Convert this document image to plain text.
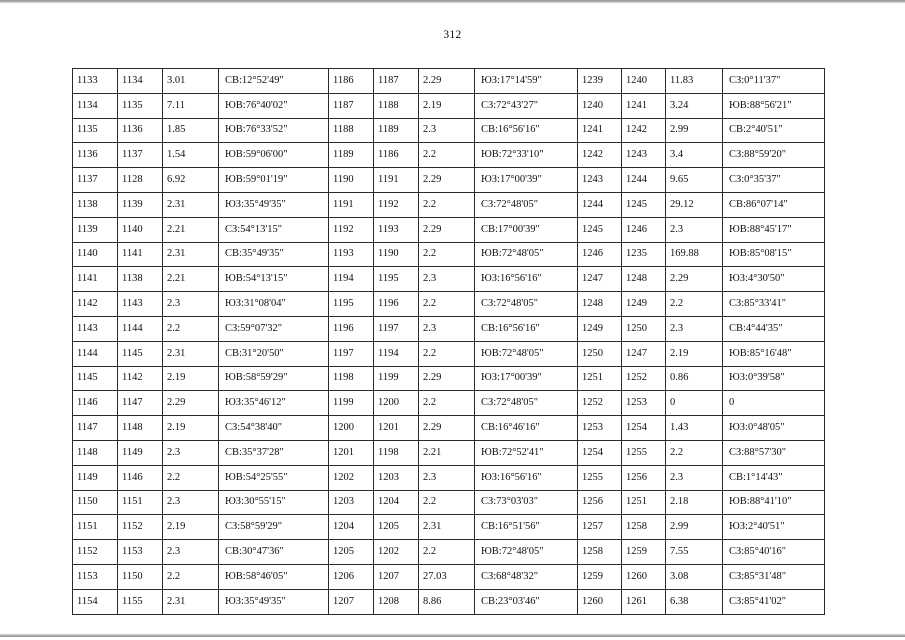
312
1133	1134	3.01	СВ:12°52'49"	1186	1187	2.29	ЮЗ:17°14'59"	1239	1240	11.83	СЗ:0°11'37"
1134	1135	7.11	ЮВ:76°40'02"	1187	1188	2.19	СЗ:72°43'27"	1240	1241	3.24	ЮВ:88°56'21"
1135	1136	1.85	ЮВ:76°33'52"	1188	1189	2.3	СВ:16°56'16"	1241	1242	2.99	СВ:2°40'51"
1136	1137	1.54	ЮВ:59°06'00"	1189	1186	2.2	ЮВ:72°33'10"	1242	1243	3.4	СЗ:88°59'20"
1137	1128	6.92	ЮВ:59°01'19"	1190	1191	2.29	ЮЗ:17°00'39"	1243	1244	9.65	СЗ:0°35'37"
1138	1139	2.31	ЮЗ:35°49'35"	1191	1192	2.2	СЗ:72°48'05"	1244	1245	29.12	СВ:86°07'14"
1139	1140	2.21	СЗ:54°13'15"	1192	1193	2.29	СВ:17°00'39"	1245	1246	2.3	ЮВ:88°45'17"
1140	1141	2.31	СВ:35°49'35"	1193	1190	2.2	ЮВ:72°48'05"	1246	1235	169.88	ЮВ:85°08'15"
1141	1138	2.21	ЮВ:54°13'15"	1194	1195	2.3	ЮЗ:16°56'16"	1247	1248	2.29	ЮЗ:4°30'50"
1142	1143	2.3	ЮЗ:31°08'04"	1195	1196	2.2	СЗ:72°48'05"	1248	1249	2.2	СЗ:85°33'41"
1143	1144	2.2	СЗ:59°07'32"	1196	1197	2.3	СВ:16°56'16"	1249	1250	2.3	СВ:4°44'35"
1144	1145	2.31	СВ:31°20'50"	1197	1194	2.2	ЮВ:72°48'05"	1250	1247	2.19	ЮВ:85°16'48"
1145	1142	2.19	ЮВ:58°59'29"	1198	1199	2.29	ЮЗ:17°00'39"	1251	1252	0.86	ЮЗ:0°39'58"
1146	1147	2.29	ЮЗ:35°46'12"	1199	1200	2.2	СЗ:72°48'05"	1252	1253	0	0
1147	1148	2.19	СЗ:54°38'40"	1200	1201	2.29	СВ:16°46'16"	1253	1254	1.43	ЮЗ:0°48'05"
1148	1149	2.3	СВ:35°37'28"	1201	1198	2.21	ЮВ:72°52'41"	1254	1255	2.2	СЗ:88°57'30"
1149	1146	2.2	ЮВ:54°25'55"	1202	1203	2.3	ЮЗ:16°56'16"	1255	1256	2.3	СВ:1°14'43"
1150	1151	2.3	ЮЗ:30°55'15"	1203	1204	2.2	СЗ:73°03'03"	1256	1251	2.18	ЮВ:88°41'10"
1151	1152	2.19	СЗ:58°59'29"	1204	1205	2.31	СВ:16°51'56"	1257	1258	2.99	ЮЗ:2°40'51"
1152	1153	2.3	СВ:30°47'36"	1205	1202	2.2	ЮВ:72°48'05"	1258	1259	7.55	СЗ:85°40'16"
1153	1150	2.2	ЮВ:58°46'05"	1206	1207	27.03	СЗ:68°48'32"	1259	1260	3.08	СЗ:85°31'48"
1154	1155	2.31	ЮЗ:35°49'35"	1207	1208	8.86	СВ:23°03'46"	1260	1261	6.38	СЗ:85°41'02"
